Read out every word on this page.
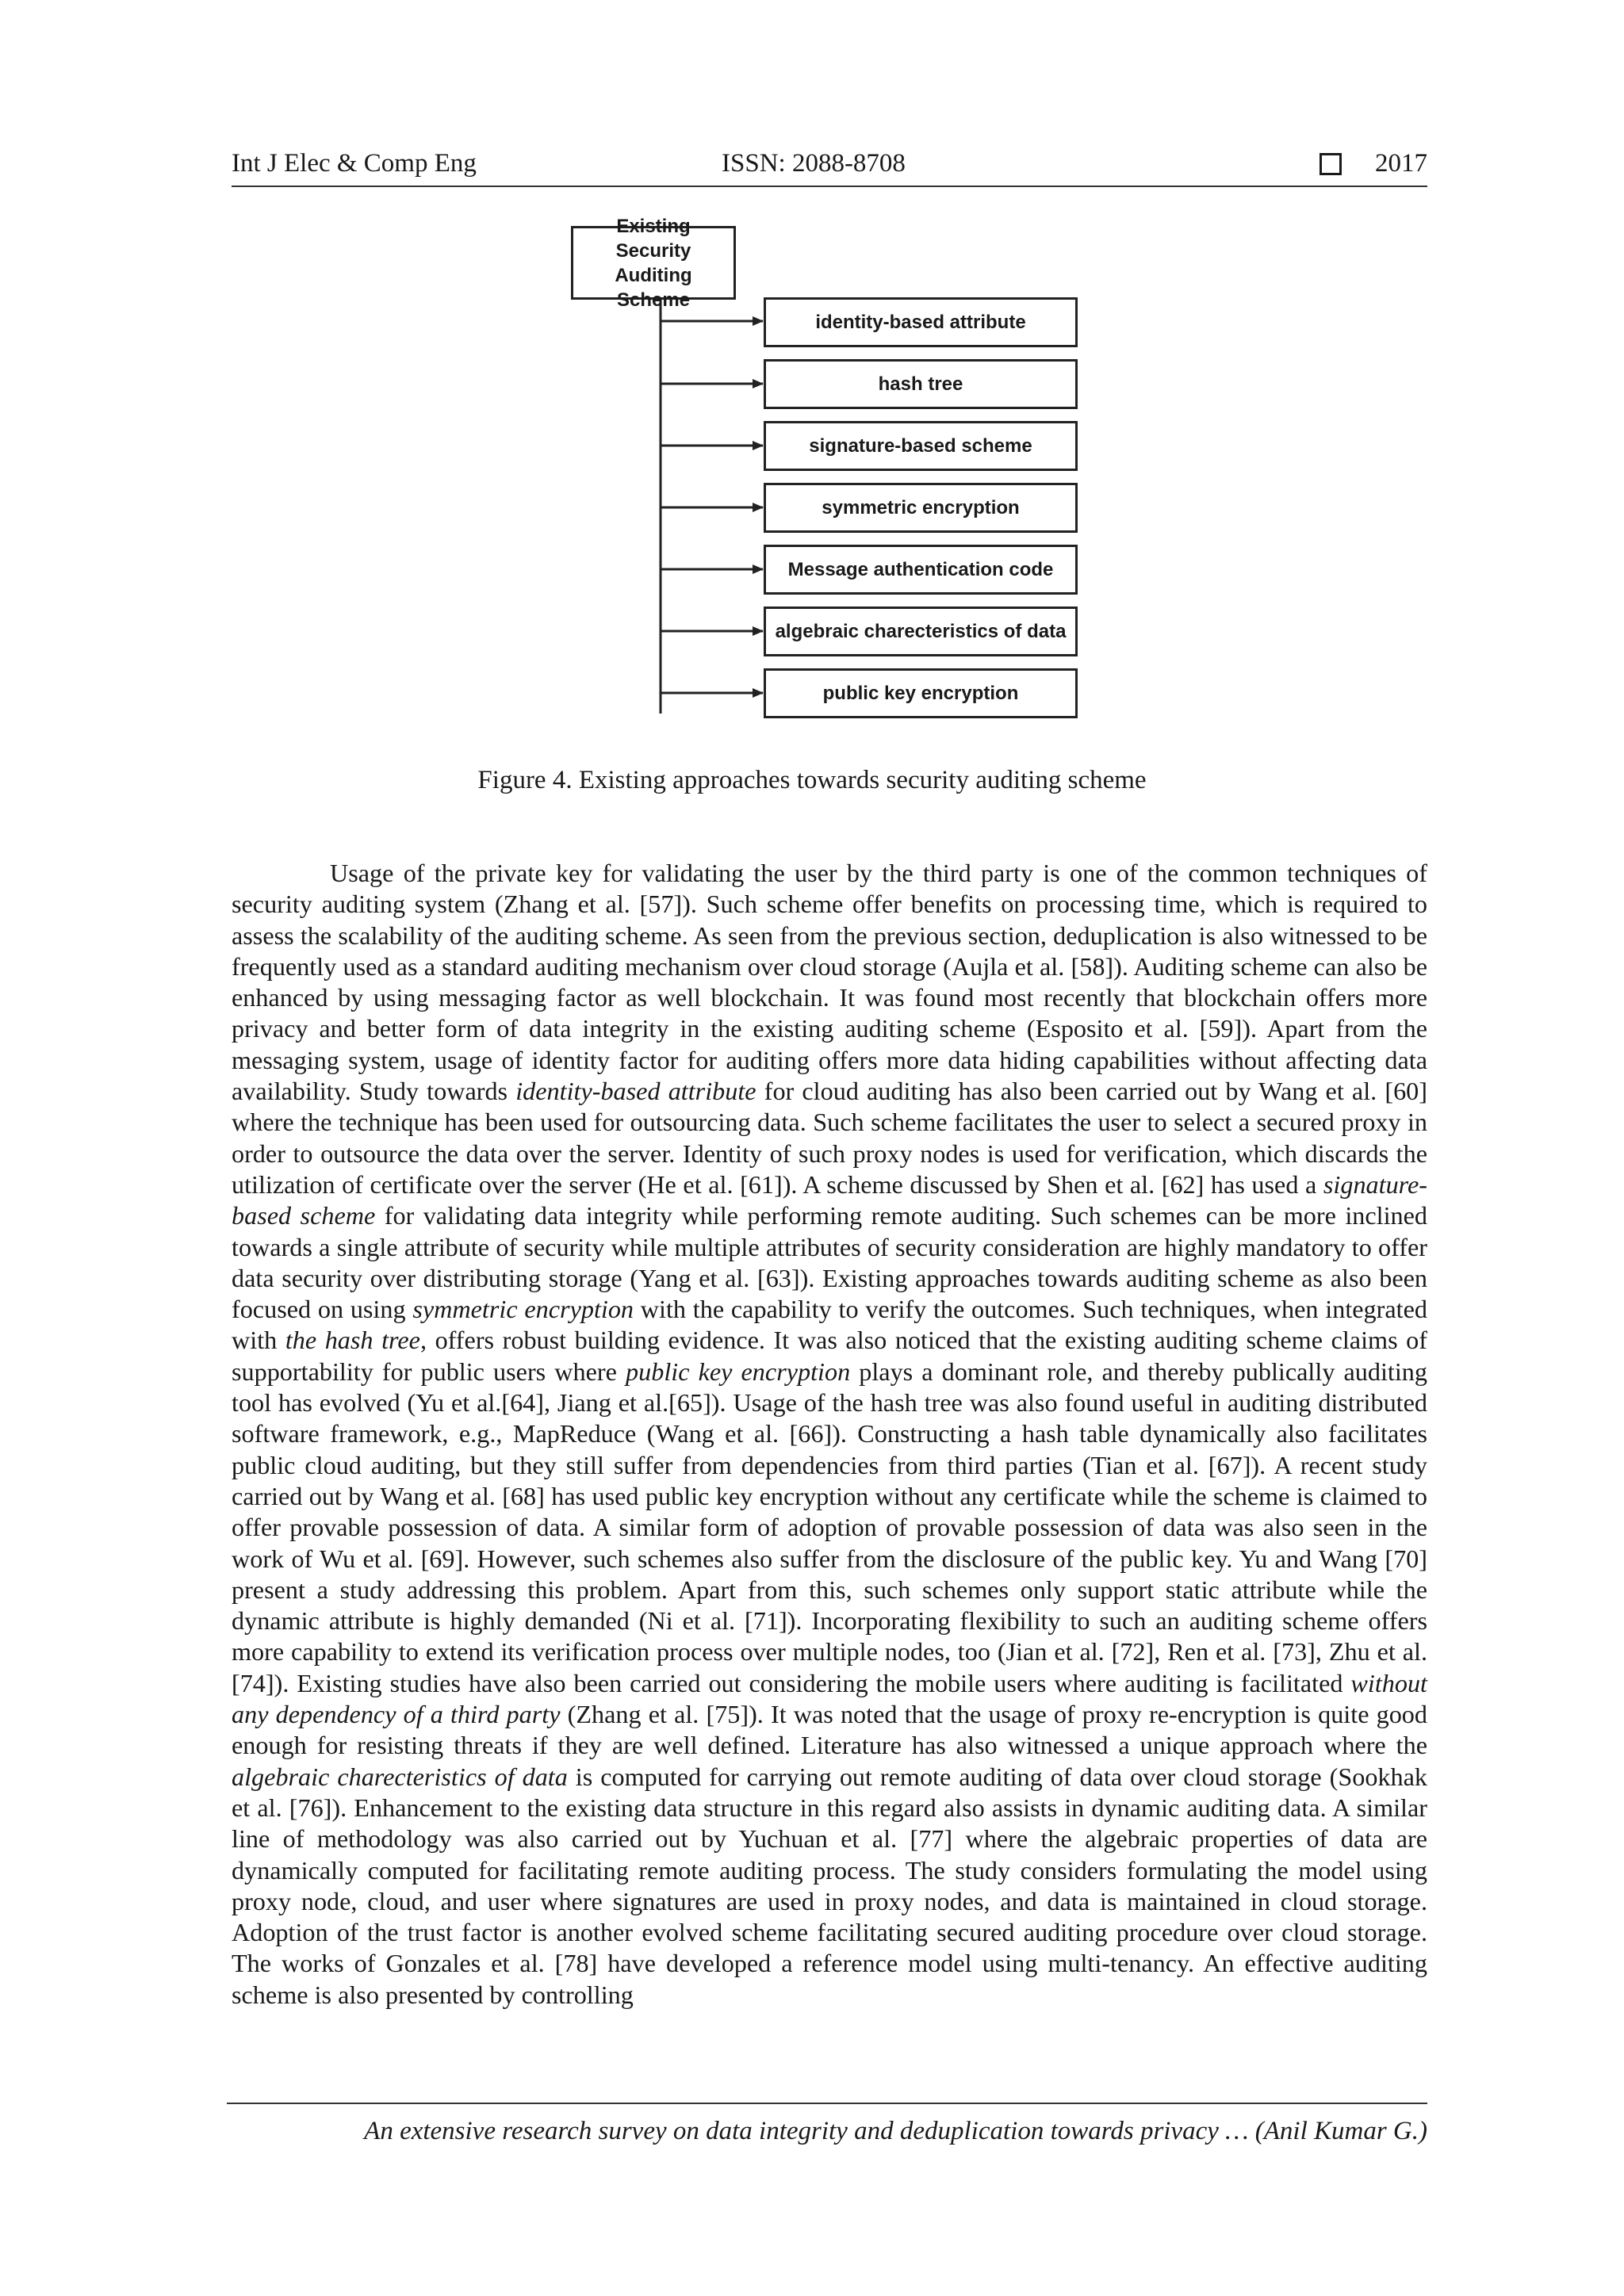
Int J Elec & Comp Eng	ISSN: 2088-8708	2017
Existing Security Auditing Scheme
identity-based attribute
hash tree
signature-based scheme
symmetric encryption
Message authentication code
algebraic charecteristics of data
public key encryption
Figure 4. Existing approaches towards security auditing scheme

Usage of the private key for validating the user by the third party is one of the common techniques of security auditing system (Zhang et al. [57]). Such scheme offer benefits on processing time, which is required to assess the scalability of the auditing scheme. As seen from the previous section, deduplication is also witnessed to be frequently used as a standard auditing mechanism over cloud storage (Aujla et al. [58]). Auditing scheme can also be enhanced by using messaging factor as well blockchain. It was found most recently that blockchain offers more privacy and better form of data integrity in the existing auditing scheme (Esposito et al. [59]). Apart from the messaging system, usage of identity factor for auditing offers more data hiding capabilities without affecting data availability. Study towards identity-based attribute for cloud auditing has also been carried out by Wang et al. [60] where the technique has been used for outsourcing data. Such scheme facilitates the user to select a secured proxy in order to outsource the data over the server. Identity of such proxy nodes is used for verification, which discards the utilization of certificate over the server (He et al. [61]). A scheme discussed by Shen et al. [62] has used a signature-based scheme for validating data integrity while performing remote auditing. Such schemes can be more inclined towards a single attribute of security while multiple attributes of security consideration are highly mandatory to offer data security over distributing storage (Yang et al. [63]). Existing approaches towards auditing scheme as also been focused on using symmetric encryption with the capability to verify the outcomes. Such techniques, when integrated with the hash tree, offers robust building evidence. It was also noticed that the existing auditing scheme claims of supportability for public users where public key encryption plays a dominant role, and thereby publically auditing tool has evolved (Yu et al.[64], Jiang et al.[65]). Usage of the hash tree was also found useful in auditing distributed software framework, e.g., MapReduce (Wang et al. [66]). Constructing a hash table dynamically also facilitates public cloud auditing, but they still suffer from dependencies from third parties (Tian et al. [67]). A recent study carried out by Wang et al. [68] has used public key encryption without any certificate while the scheme is claimed to offer provable possession of data. A similar form of adoption of provable possession of data was also seen in the work of Wu et al. [69]. However, such schemes also suffer from the disclosure of the public key. Yu and Wang [70] present a study addressing this problem. Apart from this, such schemes only support static attribute while the dynamic attribute is highly demanded (Ni et al. [71]). Incorporating flexibility to such an auditing scheme offers more capability to extend its verification process over multiple nodes, too (Jian et al. [72], Ren et al. [73], Zhu et al. [74]). Existing studies have also been carried out considering the mobile users where auditing is facilitated without any dependency of a third party (Zhang et al. [75]). It was noted that the usage of proxy re-encryption is quite good enough for resisting threats if they are well defined. Literature has also witnessed a unique approach where the algebraic charecteristics of data is computed for carrying out remote auditing of data over cloud storage (Sookhak et al. [76]). Enhancement to the existing data structure in this regard also assists in dynamic auditing data. A similar line of methodology was also carried out by Yuchuan et al. [77] where the algebraic properties of data are dynamically computed for facilitating remote auditing process. The study considers formulating the model using proxy node, cloud, and user where signatures are used in proxy nodes, and data is maintained in cloud storage. Adoption of the trust factor is another evolved scheme facilitating secured auditing procedure over cloud storage. The works of Gonzales et al. [78] have developed a reference model using multi-tenancy. An effective auditing scheme is also presented by controlling

An extensive research survey on data integrity and deduplication towards privacy … (Anil Kumar G.)
